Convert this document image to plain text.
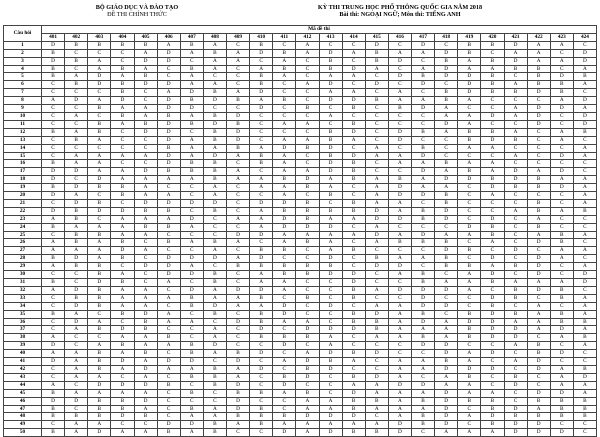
BỘ GIÁO DỤC VÀ ĐÀO TẠO
ĐỀ THI CHÍNH THỨC
KỲ THI TRUNG HỌC PHỔ THÔNG QUỐC GIA NĂM 2018
Bài thi: NGOẠI NGỮ; Môn thi: TIẾNG ANH
Câu hỏi	Mã đề thi																							
	401	402	403	404	405	406	407	408	409	410	411	412	413	414	415	416	417	418	419	420	421	422	423	424
1	D	B	B	B	B	A	B	A	C	B	C	A	C	C	D	C	D	C	B	B	D	A	A	C
2	B	C	C	C	A	D	A	B	A	D	B	A	D	A	B	A	A	D	B	C	A	A	C	D
3	D	B	A	C	D	D	C	A	A	C	A	C	B	C	B	D	C	B	A	B	D	A	A	D
4	B	C	A	B	A	C	B	A	C	A	B	C	B	D	A	C	A	D	A	A	B	B	C	A
5	B	A	D	A	B	C	A	C	C	B	A	C	A	A	C	D	B	D	D	B	C	B	D	B
6	C	B	D	B	D	D	A	A	C	B	C	A	D	C	D	C	D	C	D	B	A	B	B	A
7	C	C	C	B	C	A	D	B	A	D	C	C	A	A	C	A	C	B	D	B	B	D	B	C
8	A	D	A	D	C	D	B	D	B	A	B	C	D	D	B	A	A	B	A	C	C	C	A	D
9	C	C	B	A	A	D	D	C	C	D	C	B	C	B	C	B	D	A	C	C	A	D	D	A
10	C	A	C	B	A	B	A	B	D	C	C	C	A	C	C	C	C	A	A	D	A	D	C	D
11	C	C	B	A	B	D	B	D	B	C	A	A	C	B	C	C	C	D	A	C	C	D	C	D
12	B	A	B	C	D	D	C	B	D	C	C	C	B	D	C	D	B	A	B	B	A	C	A	B
13	C	B	A	C	C	D	A	B	D	C	A	A	B	A	C	D	C	C	B	D	B	C	A	C
14	C	C	C	C	C	B	A	A	B	A	D	B	D	C	A	C	B	C	A	A	C	C	C	A
15	C	A	A	A	A	D	A	D	A	B	A	C	B	D	A	A	D	C	C	C	A	C	D	A
16	B	A	A	C	C	D	B	B	C	B	A	C	D	B	C	A	A	B	A	A	C	C	C	C
17	D	D	A	A	D	B	B	B	A	C	A	A	D	B	C	C	D	A	B	A	D	A	D	C
18	D	C	D	A	A	A	A	B	A	A	B	D	A	B	A	B	A	D	D	B	D	B	A	A
19	B	D	B	B	A	C	C	A	C	A	A	B	A	C	A	D	A	A	C	D	B	B	D	A
20	D	A	C	B	A	A	C	A	C	C	A	C	B	C	A	D	D	B	C	A	C	C	C	A
21	C	D	B	C	D	D	D	D	C	D	D	B	C	B	A	A	C	B	C	C	C	B	C	A
22	D	B	D	D	B	B	C	B	C	A	B	B	B	B	D	A	B	D	C	C	A	B	A	B
23	A	B	C	A	A	A	D	C	A	A	D	B	A	A	D	D	B	D	C	D	C	A	C	C
24	B	A	A	A	B	B	A	C	C	A	D	D	D	C	A	C	C	C	D	B	C	B	C	C
25	C	B	B	A	A	C	C	C	D	D	A	A	A	A	D	A	D	A	A	B	C	A	B	A
26	A	B	A	B	C	B	A	B	A	C	A	B	A	C	A	B	B	B	C	A	C	D	B	C
27	A	A	A	D	A	C	C	A	C	B	B	C	A	B	C	C	C	D	B	C	D	C	A	A
28	B	D	A	B	C	D	D	D	A	D	C	C	D	C	B	A	A	B	C	D	C	D	A	C
29	A	B	B	C	D	D	A	C	B	B	B	B	B	C	D	D	C	B	B	A	B	D	C	A
30	C	C	B	A	C	D	D	B	C	A	B	B	D	D	C	A	B	C	A	D	C	D	C	D
31	B	C	D	B	C	A	C	B	C	A	A	C	C	D	C	C	B	A	A	B	A	A	A	D
32	A	D	B	A	A	C	D	A	D	D	A	C	C	B	A	D	D	D	A	C	B	D	B	C
33	C	B	B	A	A	A	B	A	A	B	C	B	C	B	C	C	D	C	C	D	B	C	B	A
34	C	D	B	A	A	C	B	D	A	A	D	C	D	C	A	A	D	D	C	B	C	A	C	A
35	B	A	C	B	D	A	C	B	C	B	D	C	C	B	D	A	B	C	B	D	B	A	B	A
36	C	D	A	C	B	A	A	C	D	B	A	A	C	B	B	A	D	A	D	D	A	A	B	B
37	C	A	B	D	B	C	C	A	C	D	C	D	D	D	B	A	A	A	B	D	D	A	D	A
38	A	C	C	A	A	B	C	A	C	B	B	B	A	C	A	A	B	A	B	D	D	C	A	B
39	D	C	A	B	A	A	B	D	C	C	D	C	A	C	C	C	D	D	C	C	A	B	C	A
40	A	A	B	A	B	C	B	A	B	D	C	A	D	B	D	C	C	D	A	D	C	B	D	C
41	D	A	B	D	A	D	D	C	D	C	A	D	B	A	C	A	A	B	A	C	A	D	C	C
42	C	A	B	A	D	A	A	B	A	D	C	B	D	C	C	A	A	D	D	D	C	D	A	B
43	C	A	A	C	A	C	B	B	A	C	B	D	C	B	D	A	C	A	B	C	B	C	A	D
44	A	C	D	D	D	B	C	B	D	C	D	C	C	A	A	D	D	A	A	C	D	C	A	A
45	B	A	A	A	A	C	B	C	B	B	A	B	C	D	A	A	A	D	A	A	C	D	D	A
46	D	D	B	B	D	C	C	C	D	C	C	A	A	B	B	A	B	D	B	B	C	B	B	B
47	B	C	B	B	A	C	B	A	D	B	C	A	A	B	A	A	A	D	C	B	D	A	B	B
48	B	B	B	D	B	C	A	A	B	B	B	D	D	D	C	A	B	D	A	D	B	B	B	B
49	C	A	A	C	C	D	D	B	A	B	A	A	A	A	A	D	B	D	C	B	D	D	C	C
50	B	A	D	A	A	B	A	B	C	C	D	A	D	B	B	D	C	A	A	A	D	D	D	C
